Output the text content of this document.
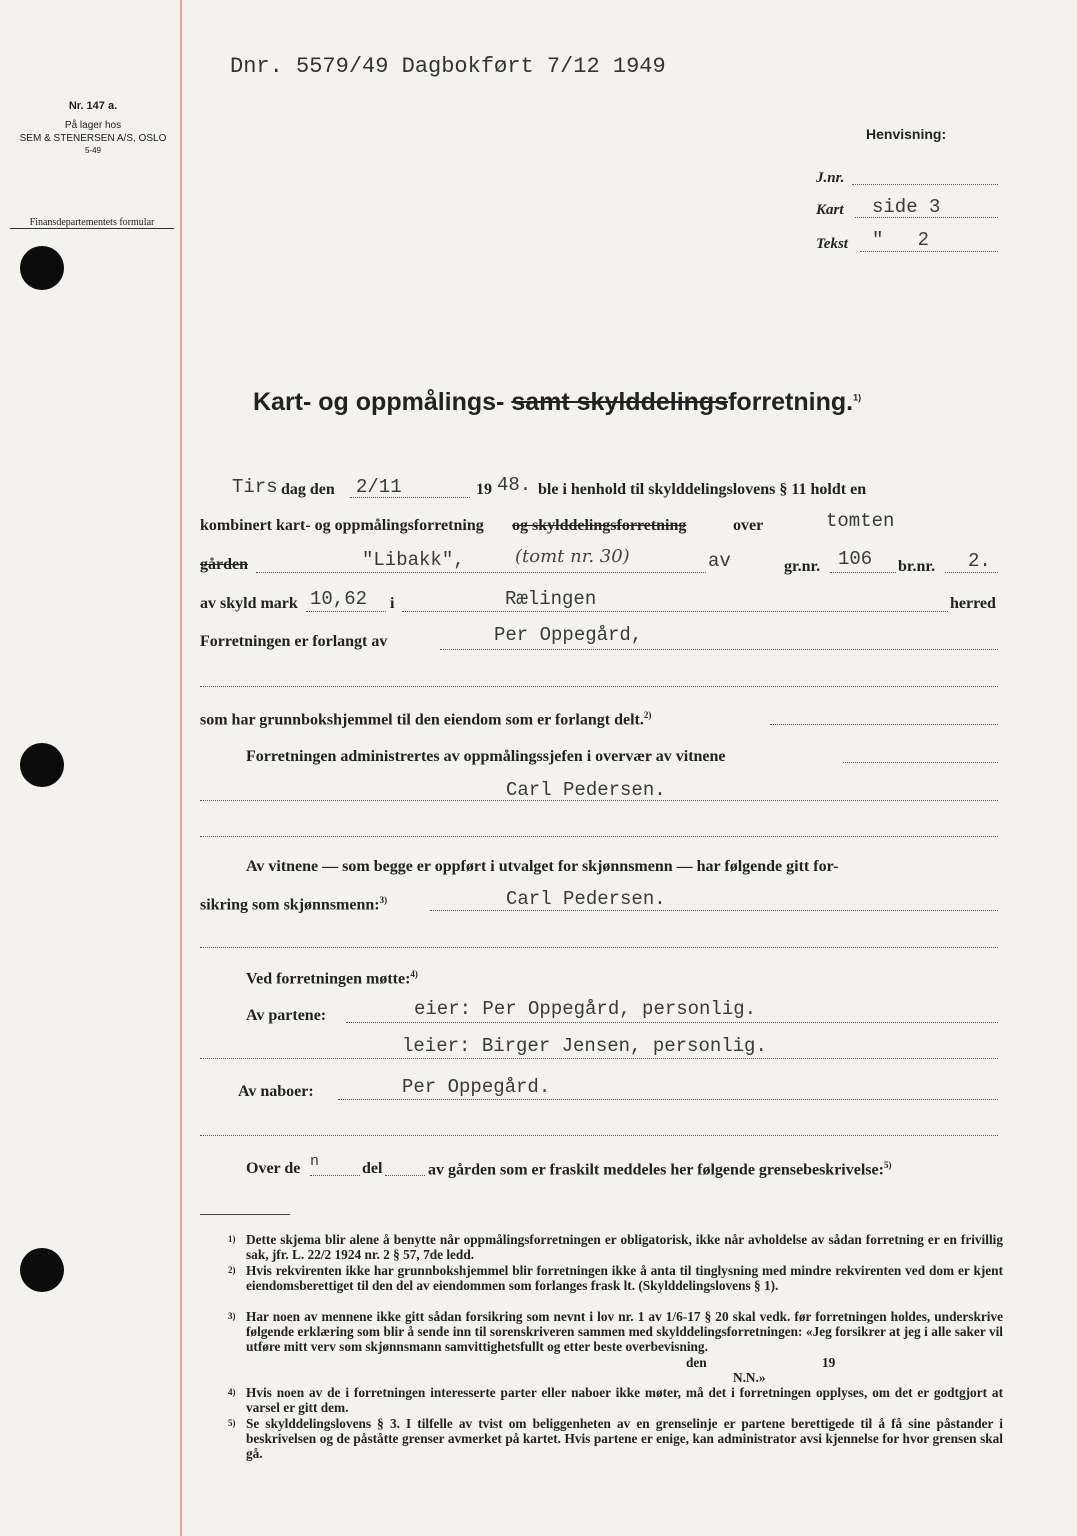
Nr. 147 a.
På lager hos
SEM & STENERSEN A/S, OSLO
5-49
Finansdepartementets formular
Dnr. 5579/49 Dagbokført 7/12 1949
Henvisning:
J.nr.
Kart side 3
Tekst "   2
Kart- og oppmålings- samt skylddelingsforretning.$^{1)}$
Tirs dag den 2/11	19 48. ble i henhold til skylddelingslovens § 11 holdt en
kombinert kart- og oppmålingsforretning og skylddelingsforretning	over	tomten
gården	"Libakk",	(tomt nr. 30)	av	gr.nr. 106 br.nr. 2.
av skyld mark 10,62 i	Rælingen	herred
Forretningen er forlangt av	Per Oppegård,
som har grunnbokshjemmel til den eiendom som er forlangt delt.$^{2)}$
Forretningen administrertes av oppmålingssjefen i overvær av vitnene
Carl Pedersen.
Av vitnene — som begge er oppført i utvalget for skjønnsmenn — har følgende gitt for-
sikring som skjønnsmenn:$^{3)}$	Carl Pedersen.
Ved forretningen møtte:$^{4)}$
Av partene:	eier: Per Oppegård, personlig.
leier: Birger Jensen, personlig.
Av naboer:	Per Oppegård.
Over de n	del	av gården som er fraskilt meddeles her følgende grensebeskrivelse:$^{5)}$
1) Dette skjema blir alene å benytte når oppmålingsforretningen er obligatorisk, ikke når avholdelse av sådan forretning er en frivillig sak, jfr. L. 22/2 1924 nr. 2 § 57, 7de ledd.
2) Hvis rekvirenten ikke har grunnbokshjemmel blir forretningen ikke å anta til tinglysning med mindre rekvirenten ved dom er kjent eiendomsberettiget til den del av eiendommen som forlanges frask lt. (Skylddelingslovens § 1).
3) Har noen av mennene ikke gitt sådan forsikring som nevnt i lov nr. 1 av 1/6-17 § 20 skal vedk. før forretningen holdes, underskrive følgende erklæring som blir å sende inn til sorenskriveren sammen med skylddelingsforretningen: «Jeg forsikrer at jeg i alle saker vil utføre mitt verv som skjønnsmann samvittighetsfullt og etter beste overbevisning.
den	19
N.N.»
4) Hvis noen av de i forretningen interesserte parter eller naboer ikke møter, må det i forretningen opplyses, om det er godtgjort at varsel er gitt dem.
5) Se skylddelingslovens § 3. I tilfelle av tvist om beliggenheten av en grenselinje er partene berettigede til å få sine påstander i beskrivelsen og de påståtte grenser avmerket på kartet. Hvis partene er enige, kan administrator avsi kjennelse for hvor grensen skal gå.
